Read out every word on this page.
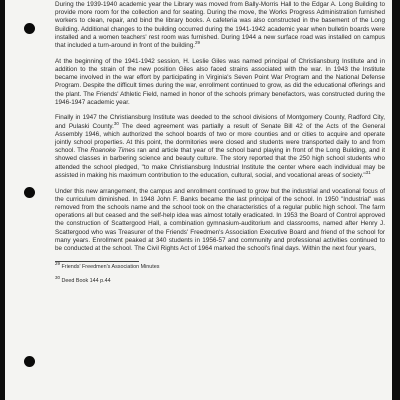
During the 1939-1940 academic year the Library was moved from Bally-Morris Hall to the Edgar A. Long Building to provide more room for the collection and for seating. During the move, the Works Progress Administration furnished workers to clean, repair, and bind the library books. A cafeteria was also constructed in the basement of the Long Building. Additional changes to the building occurred during the 1941-1942 academic year when bulletin boards were installed and a women teachers' rest room was furnished. During 1944 a new surface road was installed on campus that included a turn-around in front of the building.$^{29}$

At the beginning of the 1941-1942 session, H. Leslie Giles was named principal of Christiansburg Institute and in addition to the strain of the new position Giles also faced strains associated with the war. In 1943 the Institute became involved in the war effort by participating in Virginia's Seven Point War Program and the National Defense Program. Despite the difficult times during the war, enrollment continued to grow, as did the educational offerings and the plant. The Friends' Athletic Field, named in honor of the schools primary benefactors, was constructed during the 1946-1947 academic year.

Finally in 1947 the Christiansburg Institute was deeded to the school divisions of Montgomery County, Radford City, and Pulaski County.$^{30}$ The deed agreement was partially a result of Senate Bill 42 of the Acts of the General Assembly 1946, which authorized the school boards of two or more counties and or cities to acquire and operate jointly school properties. At this point, the dormitories were closed and students were transported daily to and from school. The Roanoke Times ran and article that year of the school band playing in front of the Long Building, and it showed classes in barbering science and beauty culture. The story reported that the 250 high school students who attended the school pledged, "to make Christiansburg Industrial Institute the center where each individual may be assisted in making his maximum contribution to the education, cultural, social, and vocational areas of society."$^{31}$

Under this new arrangement, the campus and enrollment continued to grow but the industrial and vocational focus of the curriculum diminished. In 1948 John F. Banks became the last principal of the school. In 1950 "Industrial" was removed from the schools name and the school took on the characteristics of a regular public high school. The farm operations all but ceased and the self-help idea was almost totally eradicated. In 1953 the Board of Control approved the construction of Scattergood Hall, a combination gymnasium-auditorium and classrooms, named after Henry J. Scattergood who was Treasurer of the Friends' Freedmen's Association Executive Board and friend of the school for many years. Enrollment peaked at 340 students in 1956-57 and community and professional activities continued to be conducted at the school. The Civil Rights Act of 1964 marked the school's final days. Within the next four years,

$^{29}$ Friends' Freedmen's Association Minutes

$^{30}$ Deed Book 144 p.44
